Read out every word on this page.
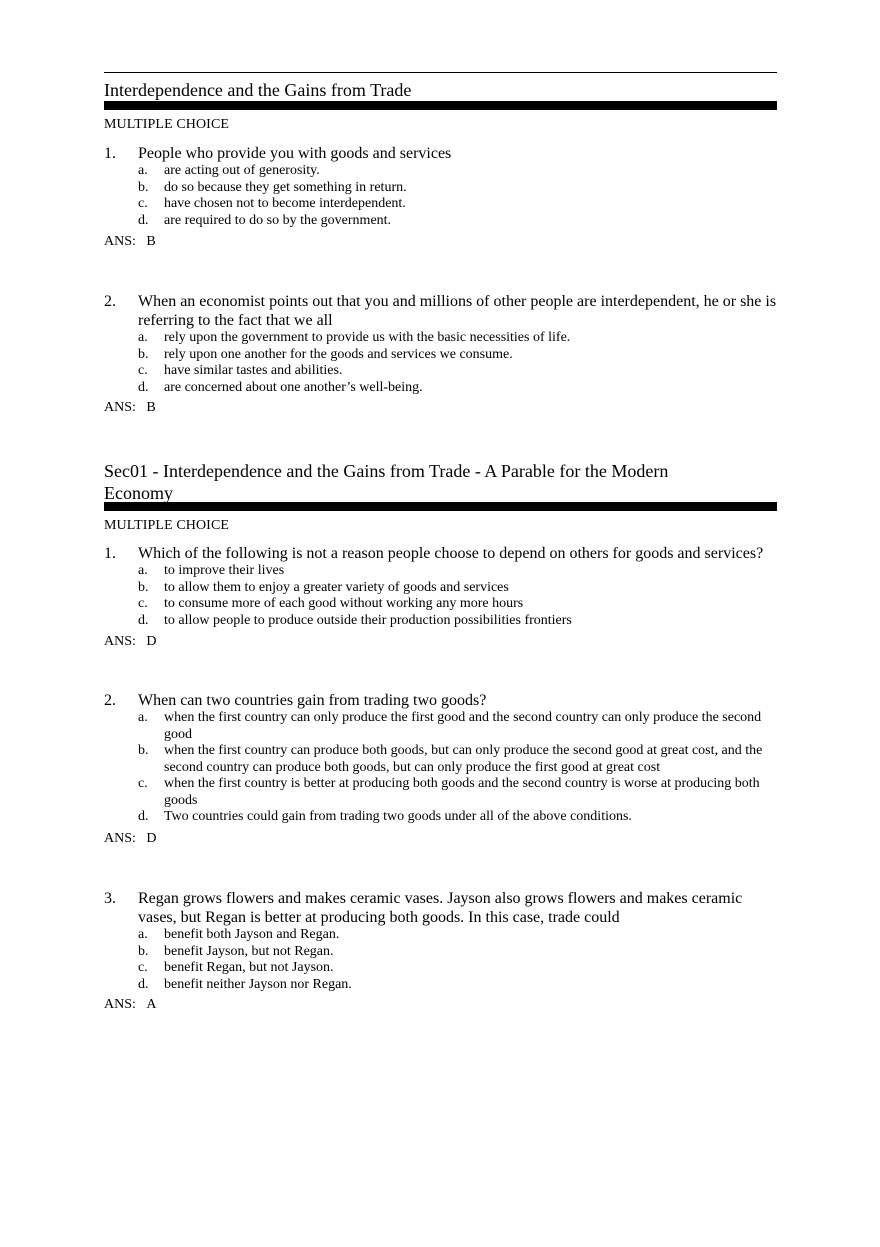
Interdependence and the Gains from Trade

MULTIPLE CHOICE

1.	People who provide you with goods and services
a.	are acting out of generosity.
b.	do so because they get something in return.
c.	have chosen not to become interdependent.
d.	are required to do so by the government.
ANS: B
2.	When an economist points out that you and millions of other people are interdependent, he or she is referring to the fact that we all
a.	rely upon the government to provide us with the basic necessities of life.
b.	rely upon one another for the goods and services we consume.
c.	have similar tastes and abilities.
d.	are concerned about one another’s well-being.
ANS: B
Sec01 - Interdependence and the Gains from Trade - A Parable for the Modern Economy

MULTIPLE CHOICE

1.	Which of the following is not a reason people choose to depend on others for goods and services?
a.	to improve their lives
b.	to allow them to enjoy a greater variety of goods and services
c.	to consume more of each good without working any more hours
d.	to allow people to produce outside their production possibilities frontiers
ANS: D
2.	When can two countries gain from trading two goods?
a.	when the first country can only produce the first good and the second country can only produce the second good
b.	when the first country can produce both goods, but can only produce the second good at great cost, and the second country can produce both goods, but can only produce the first good at great cost
c.	when the first country is better at producing both goods and the second country is worse at producing both goods
d.	Two countries could gain from trading two goods under all of the above conditions.
ANS: D
3.	Regan grows flowers and makes ceramic vases. Jayson also grows flowers and makes ceramic vases, but Regan is better at producing both goods. In this case, trade could
a.	benefit both Jayson and Regan.
b.	benefit Jayson, but not Regan.
c.	benefit Regan, but not Jayson.
d.	benefit neither Jayson nor Regan.
ANS: A
